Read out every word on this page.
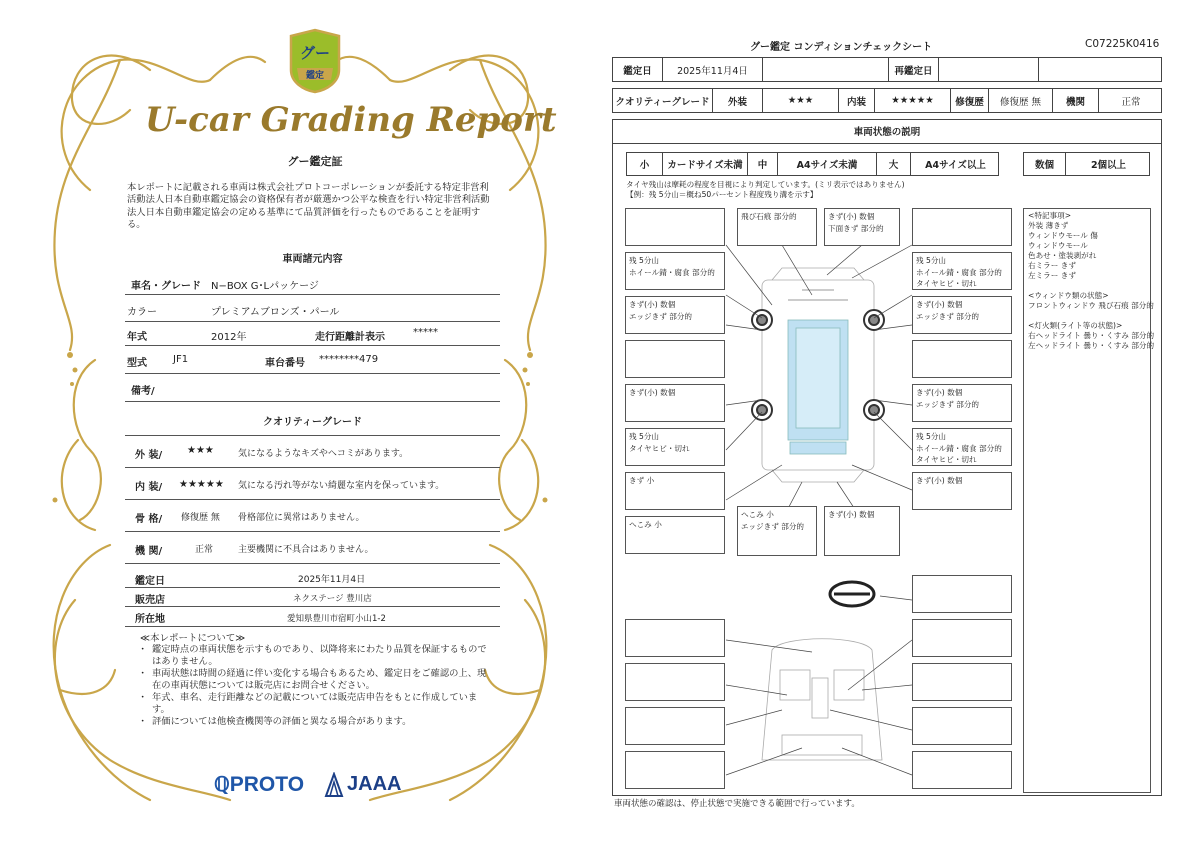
グー
鑑定
U-car Grading Report
グー鑑定証
本レポートに記載される車両は株式会社プロトコーポレーションが委託する特定非営利活動法人日本自動車鑑定協会の資格保有者が厳選かつ公平な検査を行い特定非営利活動法人日本自動車鑑定協会の定める基準にて品質評価を行ったものであることを証明する。
車両諸元内容
車名・グレード N−BOX G･Lパッケージ
カラー	プレミアムブロンズ・パール
年式	2012年	走行距離計表示	*****
型式	JF1	車台番号 ********479
備考/
クオリティーグレード
外 装/ ★★★	気になるようなキズやヘコミがあります。
内 装/ ★★★★★ 気になる汚れ等がない綺麗な室内を保っています。
骨 格/ 修復歴 無 骨格部位に異常はありません。
機 関/	正常	主要機関に不具合はありません。
鑑定日	2025年11月4日
販売店	ネクステージ 豊川店
所在地	愛知県豊川市宿町小山1-2
≪本レポートについて≫
・ 鑑定時点の車両状態を示すものであり、以降将来にわたり品質を保証するものではありません。
・ 車両状態は時間の経過に伴い変化する場合もあるため、鑑定日をご確認の上、現在の車両状態については販売店にお問合せください。
・ 年式、車名、走行距離などの記載については販売店申告をもとに作成しています。
・ 評価については他検査機関等の評価と異なる場合があります。
ℚPROTO JAAA
グー鑑定 コンディションチェックシート	C07225K0416
鑑定日	2025年11月4日	再鑑定日
クオリティーグレード	外装	★★★	内装	★★★★★	修復歴	修復歴 無	機関	正常
車両状態の説明
小	カードサイズ未満	中	A4サイズ未満	大	A4サイズ以上	数個	2個以上
タイヤ残山は摩耗の程度を目視により判定しています。(ミリ表示ではありません)
【例：残 5分山＝概ね50パーセント程度残り溝を示す】
残 5分山
ホイール錆・腐食 部分的
きず(小) 数個
エッジきず 部分的
きず(小) 数個
残 5分山
タイヤヒビ・切れ
きず 小
へこみ 小
飛び石痕 部分的	きず(小) 数個
下面きず 部分的
残 5分山
ホイール錆・腐食 部分的
タイヤヒビ・切れ
きず(小) 数個
エッジきず 部分的
きず(小) 数個
エッジきず 部分的
残 5分山
ホイール錆・腐食 部分的
タイヤヒビ・切れ
きず(小) 数個
へこみ 小
エッジきず 部分的
きず(小) 数個
<特記事項>
外装 薄きず
ウィンドウモール 傷
ウィンドウモール
色あせ・塗装剥がれ
右ミラー きず
左ミラー きず
<ウィンドウ類の状態>
フロントウィンドウ 飛び石痕 部分的
<灯火類(ライト等の状態)>
右ヘッドライト 曇り・くすみ 部分的
左ヘッドライト 曇り・くすみ 部分的
車両状態の確認は、停止状態で実施できる範囲で行っています。
